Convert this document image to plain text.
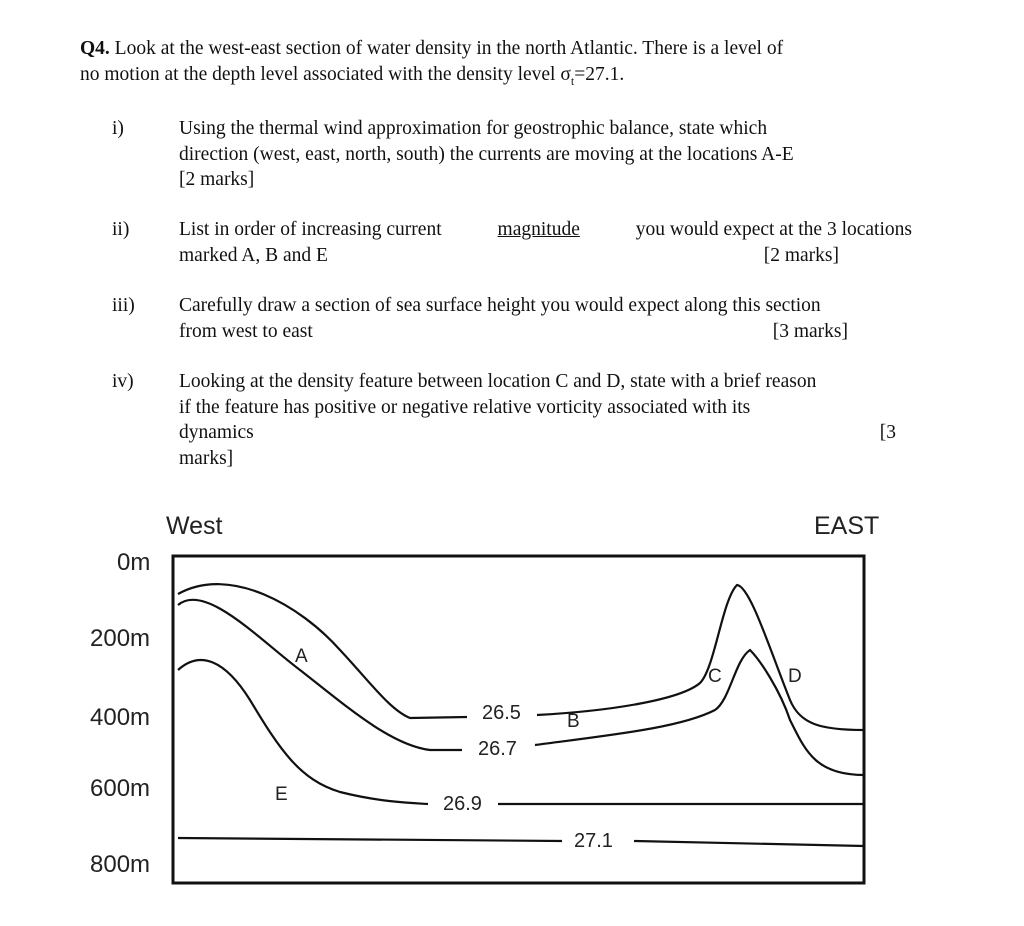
Q4. Look at the west-east section of water density in the north Atlantic. There is a level of
no motion at the depth level associated with the density level $\sigma_t=27.1$.
i)	Using the thermal wind approximation for geostrophic balance, state which
direction (west, east, north, south) the currents are moving at the locations A-E
[2 marks]
ii)	List in order of increasing current	magnitude	you would expect at the 3 locations
marked A, B and E	[2 marks]
iii) Carefully draw a section of sea surface height you would expect along this section
from west to east	[3 marks]
iv) Looking at the density feature between location C and D, state with a brief reason
if the feature has positive or negative relative vorticity associated with its
dynamics	[3
marks]
West	EAST
0m
200m
400m
600m
800m
26.5
26.7
26.9
27.1
A
B
C	D
E
